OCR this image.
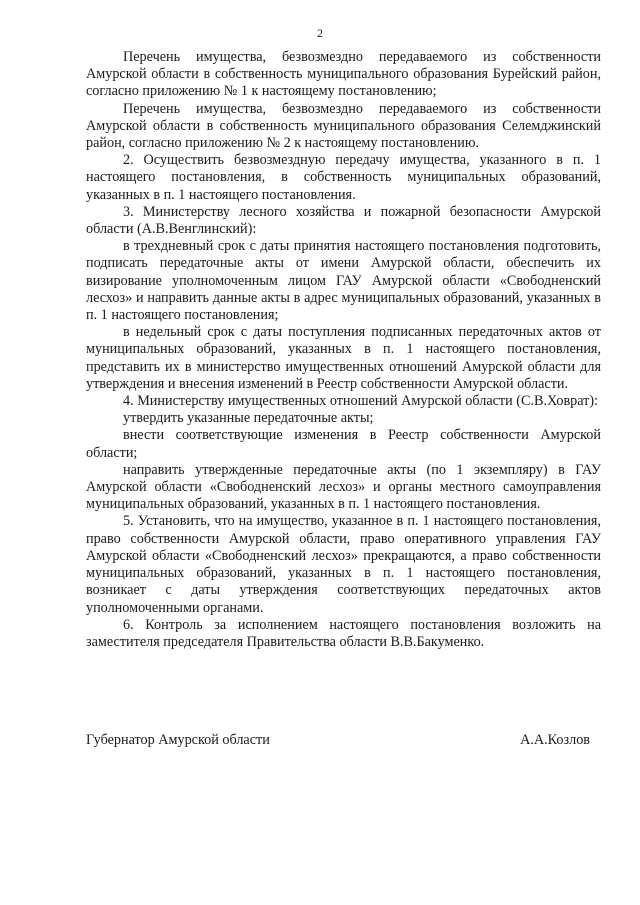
2

Перечень имущества, безвозмездно передаваемого из собственности Амурской области в собственность муниципального образования Бурейский район, согласно приложению № 1 к настоящему постановлению;

Перечень имущества, безвозмездно передаваемого из собственности Амурской области в собственность муниципального образования Селемджинский район, согласно приложению № 2 к настоящему постановлению.

2. Осуществить безвозмездную передачу имущества, указанного в п. 1 настоящего постановления, в собственность муниципальных образований, указанных в п. 1 настоящего постановления.

3. Министерству лесного хозяйства и пожарной безопасности Амурской области (А.В.Венглинский):

в трехдневный срок с даты принятия настоящего постановления подготовить, подписать передаточные акты от имени Амурской области, обеспечить их визирование уполномоченным лицом ГАУ Амурской области «Свободненский лесхоз» и направить данные акты в адрес муниципальных образований, указанных в п. 1 настоящего постановления;

в недельный срок с даты поступления подписанных передаточных актов от муниципальных образований, указанных в п. 1 настоящего постановления, представить их в министерство имущественных отношений Амурской области для утверждения и внесения изменений в Реестр собственности Амурской области.

4. Министерству имущественных отношений Амурской области (С.В.Ховрат):

утвердить указанные передаточные акты;

внести соответствующие изменения в Реестр собственности Амурской области;

направить утвержденные передаточные акты (по 1 экземпляру) в ГАУ Амурской области «Свободненский лесхоз» и органы местного самоуправления муниципальных образований, указанных в п. 1 настоящего постановления.

5. Установить, что на имущество, указанное в п. 1 настоящего постановления, право собственности Амурской области, право оперативного управления ГАУ Амурской области «Свободненский лесхоз» прекращаются, а право собственности муниципальных образований, указанных в п. 1 настоящего постановления, возникает с даты утверждения соответствующих передаточных актов уполномоченными органами.

6. Контроль за исполнением настоящего постановления возложить на заместителя председателя Правительства области В.В.Бакуменко.

Губернатор Амурской области	А.А.Козлов
